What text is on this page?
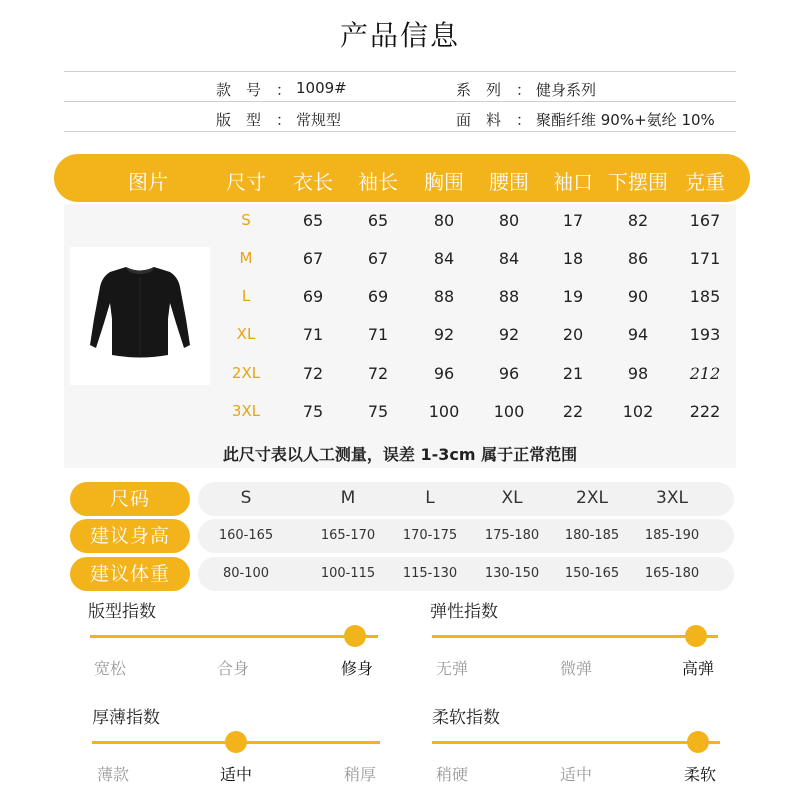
产品信息
款号：
1009#	系列：
健身系列
版型：
常规型	面料：
聚酯纤维 90%+氨纶 10%
图片	尺寸 衣长 袖长 胸围 腰围 袖口 下摆围 克重
S	65	65	80	80	17	82	167
M	67	67	84	84	18	86	171
L	69	69	88	88	19	90	185
XL	71	71	92	92	20	94	193
2XL	72	72	96	96	21	98	212
3XL	75	75	100 100 22 102 222
此尺寸表以人工测量，误差 1-3cm 属于正常范围
尺码	S	M	L	XL	2XL	3XL
建议身高	160-165	165-170 170-175 175-180 180-185 185-190
建议体重	80-100	100-115 115-130 130-150 150-165 165-180
版型指数
宽松	合身	修身
弹性指数
无弹	微弹	高弹
厚薄指数
薄款	适中	稍厚
柔软指数
稍硬	适中	柔软
